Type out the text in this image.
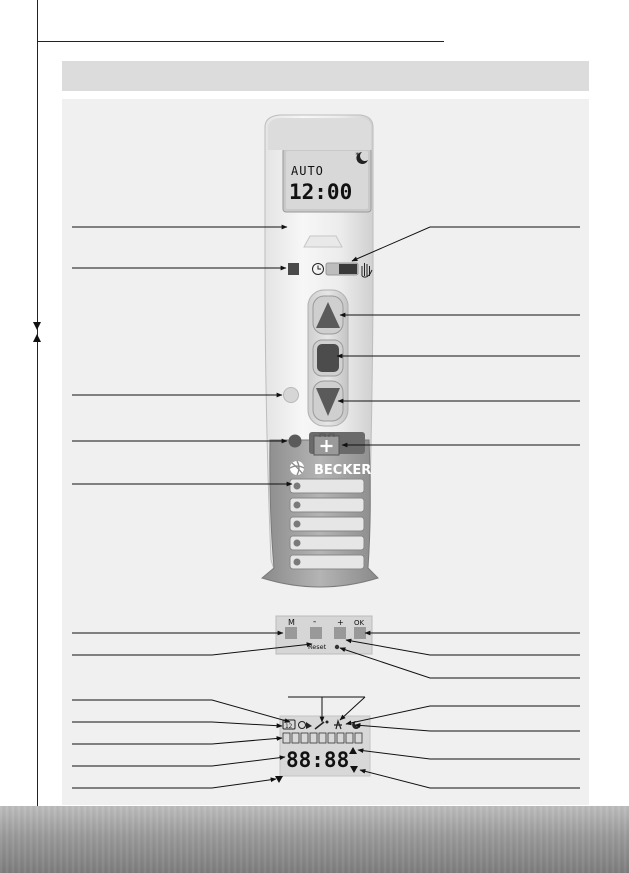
AUTO
12:00
*
BECKER
M -	+ OK
Reset
12
88:88
